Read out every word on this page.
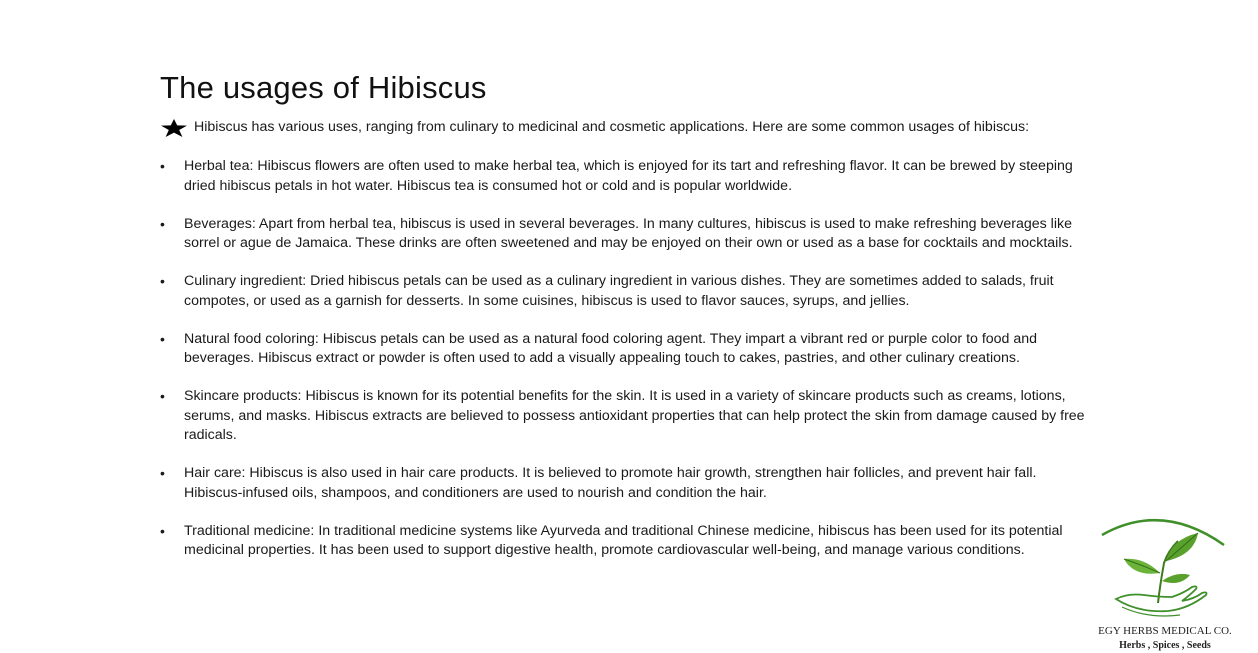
The usages of Hibiscus
Hibiscus has various uses, ranging from culinary to medicinal and cosmetic applications. Here are some common usages of hibiscus:
• Herbal tea: Hibiscus flowers are often used to make herbal tea, which is enjoyed for its tart and refreshing flavor. It can be brewed by steeping dried hibiscus petals in hot water. Hibiscus tea is consumed hot or cold and is popular worldwide.
• Beverages: Apart from herbal tea, hibiscus is used in several beverages. In many cultures, hibiscus is used to make refreshing beverages like sorrel or ague de Jamaica. These drinks are often sweetened and may be enjoyed on their own or used as a base for cocktails and mocktails.
• Culinary ingredient: Dried hibiscus petals can be used as a culinary ingredient in various dishes. They are sometimes added to salads, fruit compotes, or used as a garnish for desserts. In some cuisines, hibiscus is used to flavor sauces, syrups, and jellies.
• Natural food coloring: Hibiscus petals can be used as a natural food coloring agent. They impart a vibrant red or purple color to food and beverages. Hibiscus extract or powder is often used to add a visually appealing touch to cakes, pastries, and other culinary creations.
• Skincare products: Hibiscus is known for its potential benefits for the skin. It is used in a variety of skincare products such as creams, lotions, serums, and masks. Hibiscus extracts are believed to possess antioxidant properties that can help protect the skin from damage caused by free radicals.
• Hair care: Hibiscus is also used in hair care products. It is believed to promote hair growth, strengthen hair follicles, and prevent hair fall. Hibiscus-infused oils, shampoos, and conditioners are used to nourish and condition the hair.
• Traditional medicine: In traditional medicine systems like Ayurveda and traditional Chinese medicine, hibiscus has been used for its potential medicinal properties. It has been used to support digestive health, promote cardiovascular well-being, and manage various conditions.
EGY HERBS MEDICAL CO.
Herbs , Spices , Seeds
